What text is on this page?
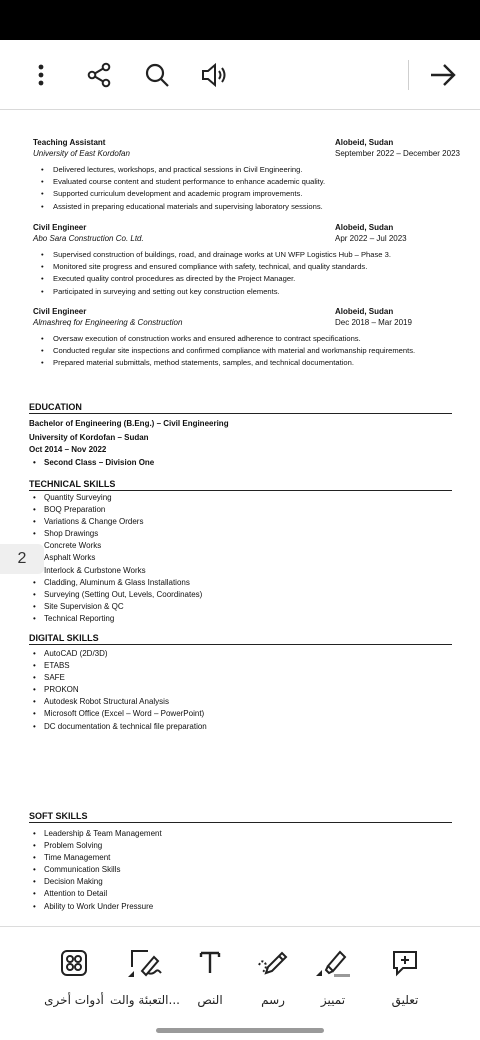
Teaching Assistant	Alobeid, Sudan
University of East Kordofan	September 2022 – December 2023
• Delivered lectures, workshops, and practical sessions in Civil Engineering.
• Evaluated course content and student performance to enhance academic quality.
• Supported curriculum development and academic program improvements.
• Assisted in preparing educational materials and supervising laboratory sessions.
Civil Engineer	Alobeid, Sudan
Abo Sara Construction Co. Ltd.	Apr 2022 – Jul 2023
• Supervised construction of buildings, road, and drainage works at UN WFP Logistics Hub – Phase 3.
• Monitored site progress and ensured compliance with safety, technical, and quality standards.
• Executed quality control procedures as directed by the Project Manager.
• Participated in surveying and setting out key construction elements.
Civil Engineer	Alobeid, Sudan
Almashreq for Engineering & Construction	Dec 2018 – Mar 2019
• Oversaw execution of construction works and ensured adherence to contract specifications.
• Conducted regular site inspections and confirmed compliance with material and workmanship requirements.
• Prepared material submittals, method statements, samples, and technical documentation.
EDUCATION
Bachelor of Engineering (B.Eng.) – Civil Engineering
University of Kordofan – Sudan
Oct 2014 – Nov 2022
• Second Class – Division One
TECHNICAL SKILLS
• Quantity Surveying
• BOQ Preparation
• Variations & Change Orders
• Shop Drawings
• Concrete Works
• Asphalt Works
• Interlock & Curbstone Works
• Cladding, Aluminum & Glass Installations
• Surveying (Setting Out, Levels, Coordinates)
• Site Supervision & QC
• Technical Reporting
DIGITAL SKILLS
• AutoCAD (2D/3D)
• ETABS
• SAFE
• PROKON
• Autodesk Robot Structural Analysis
• Microsoft Office (Excel – Word – PowerPoint)
• DC documentation & technical file preparation
SOFT SKILLS
• Leadership & Team Management
• Problem Solving
• Time Management
• Communication Skills
• Decision Making
• Attention to Detail
• Ability to Work Under Pressure
2
تعليق
تمييز
رسم
النص
التعبئة والت...
أدوات أخرى
